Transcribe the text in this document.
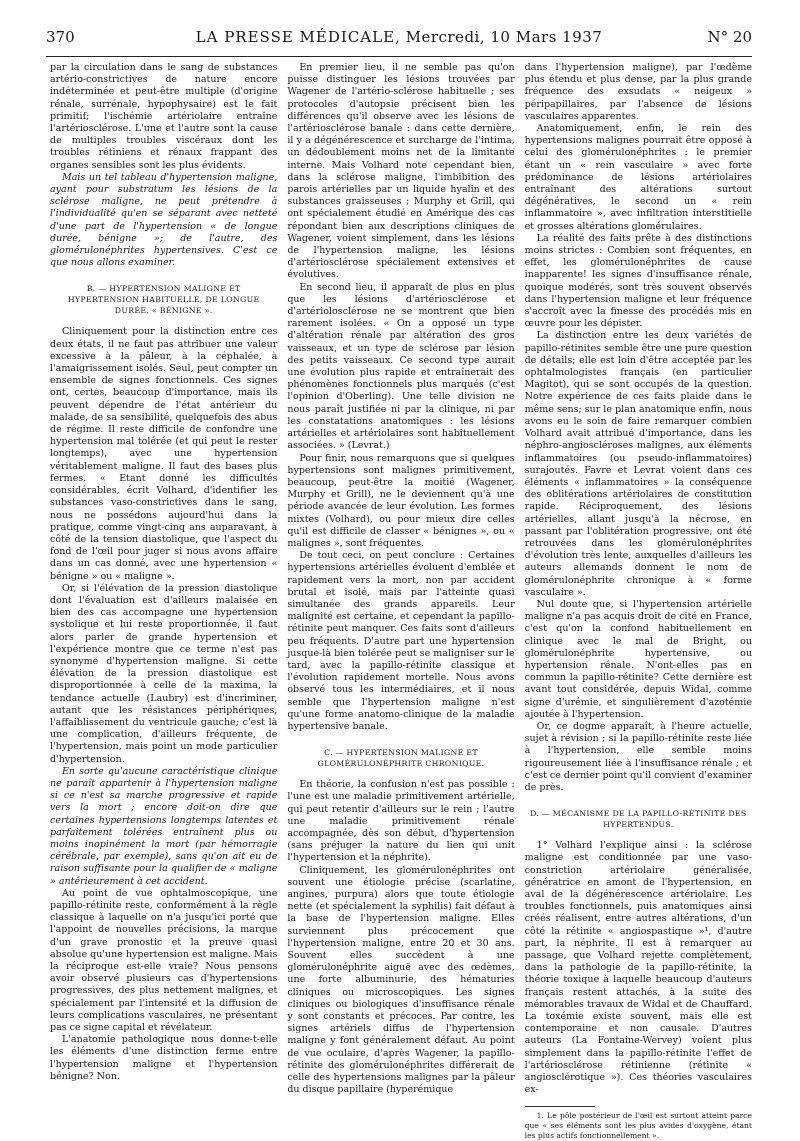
370	LA PRESSE MÉDICALE, Mercredi, 10 Mars 1937	N° 20

par la circulation dans le sang de substances artério-constrictives de nature encore indéterminée et peut-être multiple (d'origine rénale, surrénale, hypophysaire) est le fait primitif; l'ischémie artériolaire entraîne l'artériosclérose. L'une et l'autre sont la cause de multiples troubles viscéraux dont les troubles rétiniens et rénaux frappant des organes sensibles sont les plus évidents.

Mais un tel tableau d'hypertension maligne, ayant pour substratum les lésions de la sclérose maligne, ne peut prétendre à l'individualité qu'en se séparant avec netteté d'une part de l'hypertension « de longue durée, bénigne »; de l'autre, des glomérulonéphrites hypertensives. C'est ce que nous allons examiner.

B. — HYPERTENSION MALIGNE ET HYPERTENSION HABITUELLE, DE LONGUE DURÉE, « BÉNIGNE ».

Cliniquement pour la distinction entre ces deux états, il ne faut pas attribuer une valeur excessive à la pâleur, à la céphalée, à l'amaigrissement isolés. Seul, peut compter un ensemble de signes fonctionnels. Ces signes ont, certes, beaucoup d'importance, mais ils peuvent dépendre de l'état antérieur du malade, de sa sensibilité, quelquefois des abus de régime. Il reste difficile de confondre une hypertension mal tolérée (et qui peut le rester longtemps), avec une hypertension véritablement maligne. Il faut des bases plus fermes. « Etant donné les difficultés considérables, écrit Volhard, d'identifier les substances vaso-constrictives dans le sang, nous ne possédons aujourd'hui dans la pratique, comme vingt-cinq ans auparavant, à côté de la tension diastolique, que l'aspect du fond de l'œil pour juger si nous avons affaire dans un cas donné, avec une hypertension « bénigne » ou « maligne ».

Or, si l'élévation de la pression diastolique dont l'évaluation est d'ailleurs malaisée en bien des cas accompagne une hypertension systolique et lui reste proportionnée, il faut alors parler de grande hypertension et l'expérience montre que ce terme n'est pas synonyme d'hypertension maligne. Si cette élévation de la pression diastolique est disproportionnée à celle de la maxima, la tendance actuelle (Laubry) est d'incriminer, autant que les résistances périphériques, l'affaiblissement du ventricule gauche; c'est là une complication, d'ailleurs fréquente, de l'hypertension, mais point un mode particulier d'hypertension.

En sorte qu'aucune caractéristique clinique ne paraît appartenir à l'hypertension maligne si ce n'est sa marche progressive et rapide vers la mort ; encore doit-on dire que certaines hypertensions longtemps latentes et parfaitement tolérées entraînent plus ou moins inopinément la mort (par hémorragie cérébrale, par exemple), sans qu'on ait eu de raison suffisante pour la qualifier de « maligne » antérieurement à cet accident.

Au point de vue ophtalmoscopique, une papillo-rétinite reste, conformément à la règle classique à laquelle on n'a jusqu'ici porté que l'appoint de nouvelles précisions, la marque d'un grave pronostic et la preuve quasi absolue qu'une hypertension est maligne. Mais la réciproque est-elle vraie? Nous pensons avoir observé plusieurs cas d'hypertensions progressives, des plus nettement malignes, et spécialement par l'intensité et la diffusion de leurs complications vasculaires, ne présentant pas ce signe capital et révélateur.

L'anatomie pathologique nous donne-t-elle les éléments d'une distinction ferme entre l'hypertension maligne et l'hypertension bénigne? Non.

En premier lieu, il ne semble pas qu'on puisse distinguer les lésions trouvées par Wagener de l'artério-sclérose habituelle ; ses protocoles d'autopsie précisent bien les différences qu'il observe avec les lésions de l'artériosclérose banale : dans cette dernière, il y a dégénérescence et surcharge de l'intima, un dédoublement moins net de la limitante interne. Mais Volhard note cependant bien, dans la sclérose maligne, l'imbibition des parois artérielles par un liquide hyalin et des substances graisseuses ; Murphy et Grill, qui ont spécialement étudié en Amérique des cas répondant bien aux descriptions cliniques de Wagener, voient simplement, dans les lésions de l'hypertension maligne, les lésions d'artériosclérose spécialement extensives et évolutives.

En second lieu, il apparaît de plus en plus que les lésions d'artériosclérose et d'artériolosclérose ne se montrent que bien rarement isolées. « On a opposé un type d'altération rénale par altération des gros vaisseaux, et un type de sclérose par lésion des petits vaisseaux. Ce second type aurait une évolution plus rapide et entraînerait des phénomènes fonctionnels plus marqués (c'est l'opinion d'Oberling). Une telle division ne nous paraît justifiée ni par la clinique, ni par les constatations anatomiques : les lésions artérielles et artériolaires sont habituellement associées. » (Levrat.)

Pour finir, nous remarquons que si quelques hypertensions sont malignes primitivement, beaucoup, peut-être la moitié (Wagener, Murphy et Grill), ne le deviennent qu'à une période avancée de leur évolution. Les formes mixtes (Volhard), ou pour mieux dire celles qu'il est difficile de classer « bénignes », ou « malignes », sont fréquentes.

De tout ceci, on peut conclure : Certaines hypertensions artérielles évoluent d'emblée et rapidement vers la mort, non par accident brutal et isolé, mais par l'atteinte quasi simultanée des grands appareils. Leur malignité est certaine, et cependant la papillo-rétinite peut manquer. Ces faits sont d'ailleurs peu fréquents. D'autre part une hypertension jusque-là bien tolérée peut se maligniser sur le tard, avec la papillo-rétinite classique et l'évolution rapidement mortelle. Nous avons observé tous les intermédiaires, et il nous semble que l'hypertension maligne n'est qu'une forme anatomo-clinique de la maladie hypertensive banale.

C. — HYPERTENSION MALIGNE ET GLOMÉRULONÉPHRITE CHRONIQUE.

En théorie, la confusion n'est pas possible : l'une est une maladie primitivement artérielle, qui peut retentir d'ailleurs sur le rein ; l'autre une maladie primitivement rénale accompagnée, dès son début, d'hypertension (sans préjuger la nature du lien qui unit l'hypertension et la néphrite).

Cliniquement, les glomérulonéphrites ont souvent une étiologie précise (scarlatine, angines, purpura) alors que toute étiologie nette (et spécialement la syphilis) fait défaut à la base de l'hypertension maligne. Elles surviennent plus précocement que l'hypertension maligne, entre 20 et 30 ans. Souvent elles succèdent à une glomérulonéphrite aiguë avec des œdèmes, une forte albuminurie, des hématuries cliniques ou microscopiques. Les signes cliniques ou biologiques d'insuffisance rénale y sont constants et précoces. Par contre, les signes artériels diffus de l'hypertension maligne y font généralement défaut. Au point de vue oculaire, d'après Wagener, la papillo-rétinite des glomérulonéphrites différerait de celle des hypertensions malignes par la pâleur du disque papillaire (hyperémique

dans l'hypertension maligne), par l'œdème plus étendu et plus dense, par la plus grande fréquence des exsudats « neigeux » péripapillaires, par l'absence de lésions vasculaires apparentes.

Anatomiquement, enfin, le rein des hypertensions malignes pourrait être opposé à celui des glomérulonéphrites : le premier étant un « rein vasculaire » avec forte prédominance de lésions artériolaires entraînant des altérations surtout dégénératives, le second un « rein inflammatoire », avec infiltration interstitielle et grosses altérations glomérulaires.

La réalité des faits prête à des distinctions moins strictes : Combien sont fréquentes, en effet, les glomérulonéphrites de cause inapparente! les signes d'insuffisance rénale, quoique modérés, sont très souvent observés dans l'hypertension maligne et leur fréquence s'accroît avec la finesse des procédés mis en œuvre pour les dépister.

La distinction entre les deux variétés de papillo-rétinites semble être une pure question de détails; elle est loin d'être acceptée par les ophtalmologistes français (en particulier Magitot), qui se sont occupés de la question. Notre expérience de ces faits plaide dans le même sens; sur le plan anatomique enfin, nous avons eu le soin de faire remarquer combien Volhard avait attribué d'importance, dans les néphro-angioscléroses malignes, aux éléments inflammatoires (ou pseudo-inflammatoires) surajoutés. Favre et Levrat voient dans ces éléments « inflammatoires » la conséquence des oblitérations artériolaires de constitution rapide. Réciproquement, des lésions artérielles, allant jusqu'à la nécrose, en passant par l'oblitération progressive, ont été retrouvées dans les glomérulonéphrites d'évolution très lente, auxquelles d'ailleurs les auteurs allemands donnent le nom de glomérulonéphrite chronique à « forme vasculaire ».

Nul doute que, si l'hypertension artérielle maligne n'a pas acquis droit de cité en France, c'est qu'on la confond habituellement en clinique avec le mal de Bright, ou glomérulonéphrite hypertensive, ou hypertension rénale. N'ont-elles pas en commun la papillo-rétinite? Cette dernière est avant tout considérée, depuis Widal, comme signe d'urémie, et singulièrement d'azotémie ajoutée à l'hypertension.

Or, ce dogme apparaît, à l'heure actuelle, sujet à révision ; si la papillo-rétinite reste liée à l'hypertension, elle semble moins rigoureusement liée à l'insuffisance rénale ; et c'est ce dernier point qu'il convient d'examiner de près.

D. — MÉCANISME DE LA PAPILLO-RÉTINITE DES HYPERTENDUS.

1° Volhard l'explique ainsi : la sclérose maligne est conditionnée par une vaso-constriction artériolaire généralisée, génératrice en amont de l'hypertension, en aval de la dégénérescence artériolaire. Les troubles fonctionnels, puis anatomiques ainsi créés réalisent, entre autres altérations, d'un côté la rétinite « angiospastique »¹, d'autre part, la néphrite. Il est à remarquer au passage, que Volhard rejette complètement, dans la pathologie de la papillo-rétinite, la théorie toxique à laquelle beaucoup d'auteurs français restent attachés, à la suite des mémorables travaux de Widal et de Chauffard. La toxémie existe souvent, mais elle est contemporaine et non causale. D'autres auteurs (La Fontaine-Wervey) voient plus simplement dans la papillo-rétinite l'effet de l'artériosclérose rétinienne (rétinite « angiosclérotique »). Ces théories vasculaires ex-

1. Le pôle postérieur de l'œil est surtout atteint parce que « ses éléments sont les plus avides d'oxygène, étant les plus actifs fonctionnellement ».
